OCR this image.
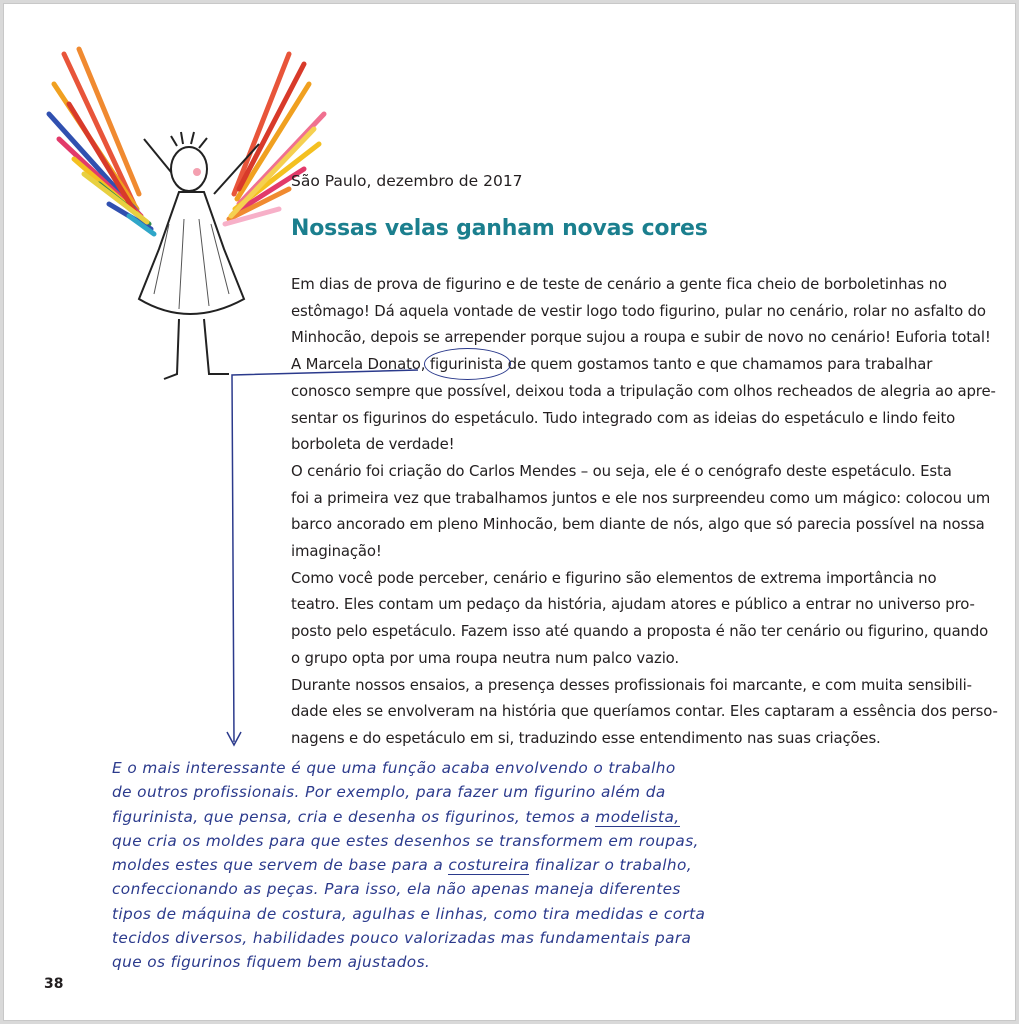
São Paulo, dezembro de 2017
Nossas velas ganham novas cores
Em dias de prova de figurino e de teste de cenário a gente fica cheio de borboletinhas no
estômago! Dá aquela vontade de vestir logo todo figurino, pular no cenário, rolar no asfalto do
Minhocão, depois se arrepender porque sujou a roupa e subir de novo no cenário! Euforia total!
A Marcela Donato, figurinista de quem gostamos tanto e que chamamos para trabalhar
conosco sempre que possível, deixou toda a tripulação com olhos recheados de alegria ao apre-
sentar os figurinos do espetáculo. Tudo integrado com as ideias do espetáculo e lindo feito
borboleta de verdade!
O cenário foi criação do Carlos Mendes – ou seja, ele é o cenógrafo deste espetáculo. Esta
foi a primeira vez que trabalhamos juntos e ele nos surpreendeu como um mágico: colocou um
barco ancorado em pleno Minhocão, bem diante de nós, algo que só parecia possível na nossa
imaginação!
Como você pode perceber, cenário e figurino são elementos de extrema importância no
teatro. Eles contam um pedaço da história, ajudam atores e público a entrar no universo pro-
posto pelo espetáculo. Fazem isso até quando a proposta é não ter cenário ou figurino, quando
o grupo opta por uma roupa neutra num palco vazio.
Durante nossos ensaios, a presença desses profissionais foi marcante, e com muita sensibili-
dade eles se envolveram na história que queríamos contar. Eles captaram a essência dos perso-
nagens e do espetáculo em si, traduzindo esse entendimento nas suas criações.
E o mais interessante é que uma função acaba envolvendo o trabalho
de outros profissionais. Por exemplo, para fazer um figurino além da
figurinista, que pensa, cria e desenha os figurinos, temos a modelista,
que cria os moldes para que estes desenhos se transformem em roupas,
moldes estes que servem de base para a costureira finalizar o trabalho,
confeccionando as peças. Para isso, ela não apenas maneja diferentes
tipos de máquina de costura, agulhas e linhas, como tira medidas e corta
tecidos diversos, habilidades pouco valorizadas mas fundamentais para
que os figurinos fiquem bem ajustados.
38
